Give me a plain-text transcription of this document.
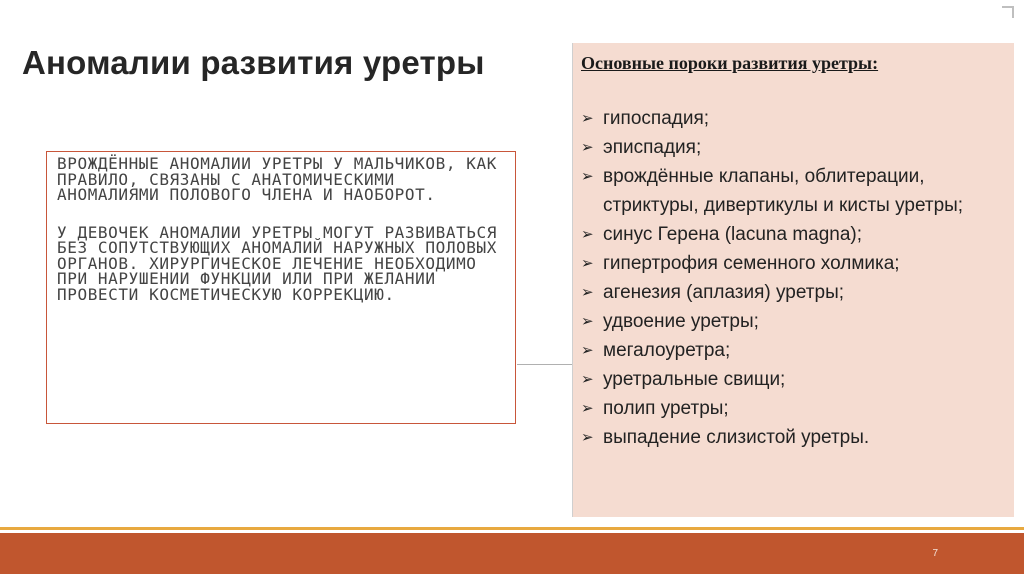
Аномалии развития уретры

ВРОЖДЁННЫЕ АНОМАЛИИ УРЕТРЫ У МАЛЬЧИКОВ, КАК ПРАВИЛО, СВЯЗАНЫ С АНАТОМИЧЕСКИМИ АНОМАЛИЯМИ ПОЛОВОГО ЧЛЕНА И НАОБОРОТ.

У ДЕВОЧЕК АНОМАЛИИ УРЕТРЫ МОГУТ РАЗВИВАТЬСЯ БЕЗ СОПУТСТВУЮЩИХ АНОМАЛИЙ НАРУЖНЫХ ПОЛОВЫХ ОРГАНОВ. ХИРУРГИЧЕСКОЕ ЛЕЧЕНИЕ НЕОБХОДИМО ПРИ НАРУШЕНИИ ФУНКЦИИ ИЛИ ПРИ ЖЕЛАНИИ ПРОВЕСТИ КОСМЕТИЧЕСКУЮ КОРРЕКЦИЮ.

Основные пороки развития уретры:
➢ гипоспадия;
➢ эписпадия;
➢ врождённые клапаны, облитерации, стриктуры, дивертикулы и кисты уретры;
➢ синус Герена (lacuna magna);
➢ гипертрофия семенного холмика;
➢ агенезия (аплазия) уретры;
➢ удвоение уретры;
➢ мегалоуретра;
➢ уретральные свищи;
➢ полип уретры;
➢ выпадение слизистой уретры.
7
